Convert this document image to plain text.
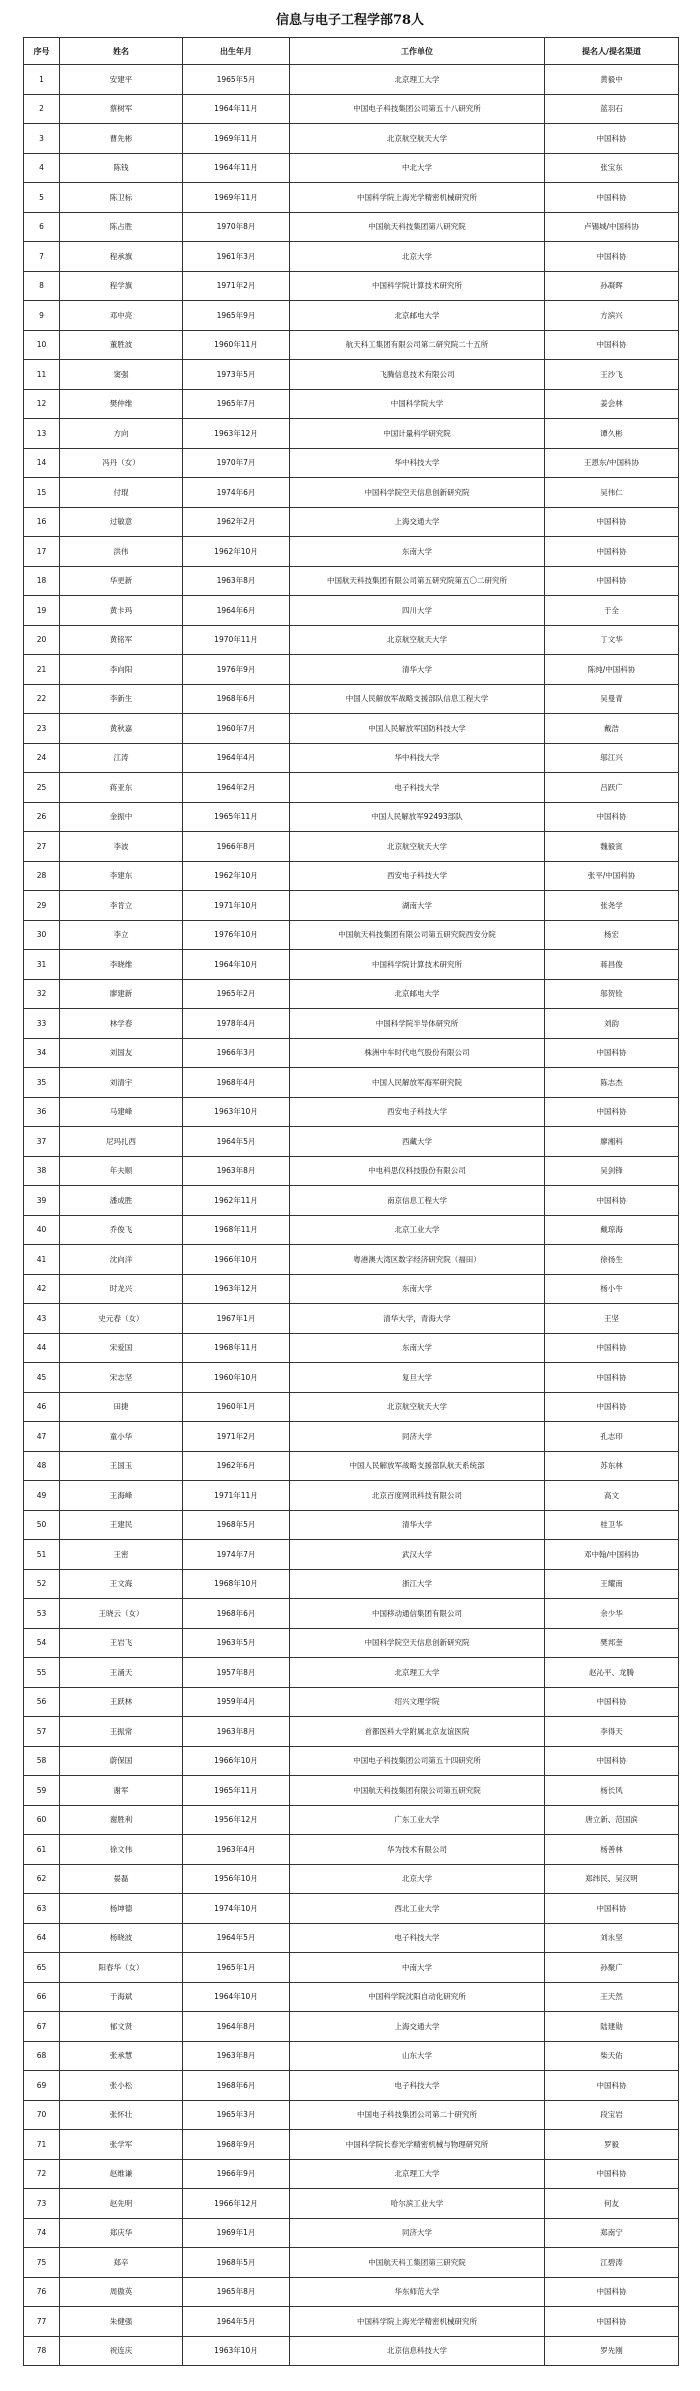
信息与电子工程学部78人
序号	姓名	出生年月	工作单位	提名人/提名渠道
1	安建平	1965年5月	北京理工大学	黄毅中
2	蔡树军	1964年11月	中国电子科技集团公司第五十八研究所	蓝羽石
3	曹先彬	1969年11月	北京航空航天大学	中国科协
4	陈钱	1964年11月	中北大学	张宝东
5	陈卫标	1969年11月	中国科学院上海光学精密机械研究所	中国科协
6	陈占胜	1970年8月	中国航天科技集团第八研究院	卢锡城/中国科协
7	程承旗	1961年3月	北京大学	中国科协
8	程学旗	1971年2月	中国科学院计算技术研究所	孙凝晖
9	邓中亮	1965年9月	北京邮电大学	方滨兴
10	董胜波	1960年11月	航天科工集团有限公司第二研究院二十五所	中国科协
11	窦强	1973年5月	飞腾信息技术有限公司	王沙飞
12	樊仲维	1965年7月	中国科学院大学	姜会林
13	方向	1963年12月	中国计量科学研究院	谭久彬
14	冯丹（女）	1970年7月	华中科技大学	王恩东/中国科协
15	付琨	1974年6月	中国科学院空天信息创新研究院	吴伟仁
16	过敏意	1962年2月	上海交通大学	中国科协
17	洪伟	1962年10月	东南大学	中国科协
18	华更新	1963年8月	中国航天科技集团有限公司第五研究院第五〇二研究所	中国科协
19	黄卡玛	1964年6月	四川大学	于全
20	黄铭军	1970年11月	北京航空航天大学	丁文华
21	李向阳	1976年9月	清华大学	陈纯/中国科协
22	李新生	1968年6月	中国人民解放军战略支援部队信息工程大学	吴曼青
23	黄秋嘉	1960年7月	中国人民解放军国防科技大学	戴浩
24	江涛	1964年4月	华中科技大学	邬江兴
25	蒋亚东	1964年2月	电子科技大学	吕跃广
26	金振中	1965年11月	中国人民解放军92493部队	中国科协
27	李波	1966年8月	北京航空航天大学	魏毅寅
28	李建东	1962年10月	西安电子科技大学	张平/中国科协
29	李肯立	1971年10月	湖南大学	张尧学
30	李立	1976年10月	中国航天科技集团有限公司第五研究院西安分院	杨宏
31	李晓维	1964年10月	中国科学院计算技术研究所	蒋昌俊
32	廖建新	1965年2月	北京邮电大学	邬贺铨
33	林学春	1978年4月	中国科学院半导体研究所	刘韵
34	刘国友	1966年3月	株洲中车时代电气股份有限公司	中国科协
35	刘清宇	1968年4月	中国人民解放军海军研究院	陈志杰
36	马建峰	1963年10月	西安电子科技大学	中国科协
37	尼玛扎西	1964年5月	西藏大学	廖湘科
38	年夫顺	1963年8月	中电科思仪科技股份有限公司	吴剑锋
39	潘成胜	1962年11月	南京信息工程大学	中国科协
40	乔俊飞	1968年11月	北京工业大学	戴琼海
41	沈向洋	1966年10月	粤港澳大湾区数字经济研究院（福田）	徐扬生
42	时龙兴	1963年12月	东南大学	杨小牛
43	史元春（女）	1967年1月	清华大学，青海大学	王坚
44	宋爱国	1968年11月	东南大学	中国科协
45	宋志坚	1960年10月	复旦大学	中国科协
46	田捷	1960年1月	北京航空航天大学	中国科协
47	童小华	1971年2月	同济大学	孔志印
48	王国玉	1962年6月	中国人民解放军战略支援部队航天系统部	苏东林
49	王海峰	1971年11月	北京百度网讯科技有限公司	高文
50	王建民	1968年5月	清华大学	桂卫华
51	王密	1974年7月	武汉大学	邓中翰/中国科协
52	王文海	1968年10月	浙江大学	王耀南
53	王晓云（女）	1968年6月	中国移动通信集团有限公司	余少华
54	王岩飞	1963年5月	中国科学院空天信息创新研究院	樊邦奎
55	王涌天	1957年8月	北京理工大学	赵沁平、龙腾
56	王跃林	1959年4月	绍兴文理学院	中国科协
57	王振常	1963年8月	首都医科大学附属北京友谊医院	李得天
58	蔚保国	1966年10月	中国电子科技集团公司第五十四研究所	中国科协
59	谢军	1965年11月	中国航天科技集团有限公司第五研究院	杨长风
60	谢胜利	1956年12月	广东工业大学	唐立新、范国滨
61	徐文伟	1963年4月	华为技术有限公司	杨善林
62	晏磊	1956年10月	北京大学	郑纬民、吴汉明
63	杨坤德	1974年10月	西北工业大学	中国科协
64	杨晓波	1964年5月	电子科技大学	刘永坚
65	阳春华（女）	1965年1月	中南大学	孙聚广
66	于海斌	1964年10月	中国科学院沈阳自动化研究所	王天然
67	郁文贤	1964年8月	上海交通大学	陆建勋
68	张承慧	1963年8月	山东大学	柴天佑
69	张小松	1968年6月	电子科技大学	中国科协
70	张怀壮	1965年3月	中国电子科技集团公司第二十研究所	段宝岩
71	张学军	1968年9月	中国科学院长春光学精密机械与物理研究所	罗毅
72	赵维谦	1966年9月	北京理工大学	中国科协
73	赵先明	1966年12月	哈尔滨工业大学	何友
74	郑庆华	1969年1月	同济大学	郑南宁
75	郑辛	1968年5月	中国航天科工集团第三研究院	江碧涛
76	周傲英	1965年8月	华东师范大学	中国科协
77	朱健强	1964年5月	中国科学院上海光学精密机械研究所	中国科协
78	祝连庆	1963年10月	北京信息科技大学	罗先刚
